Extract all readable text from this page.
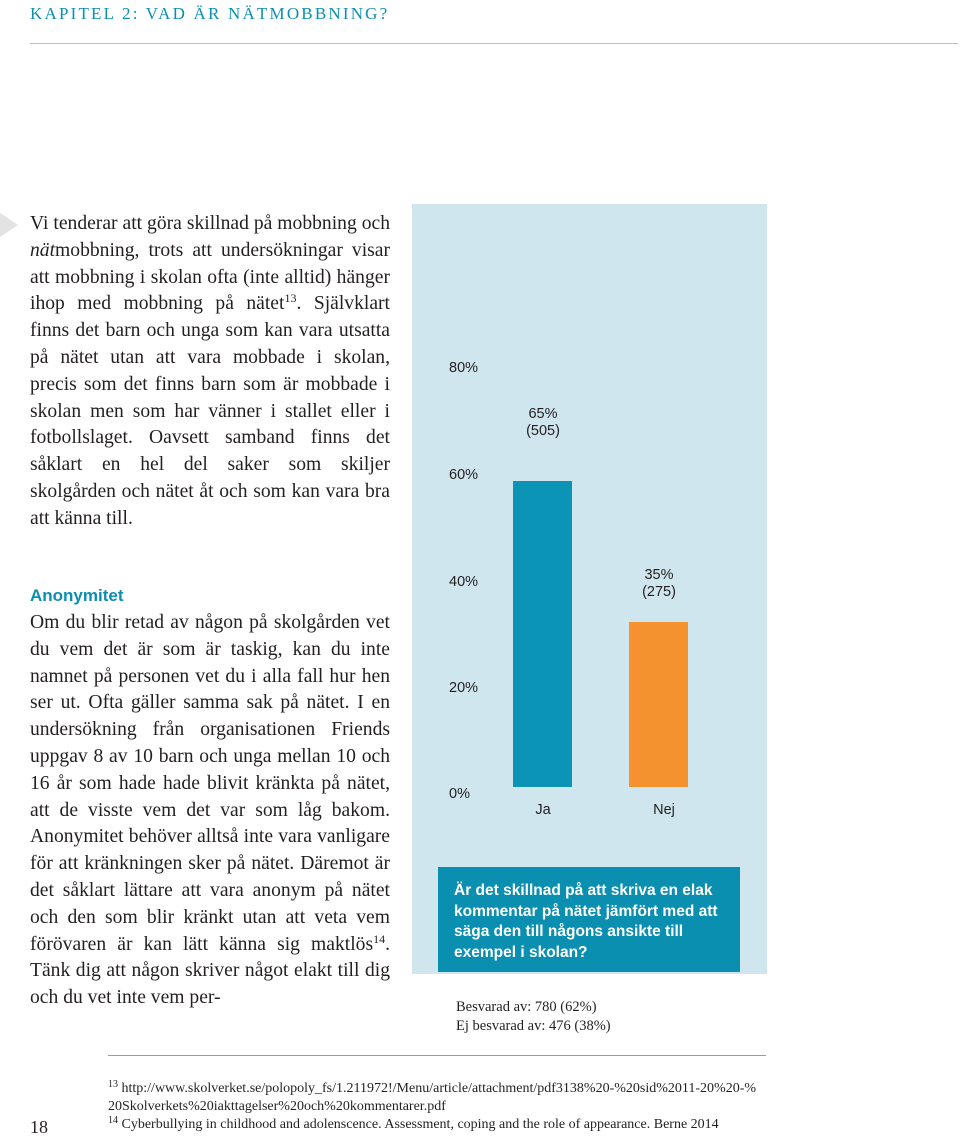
KAPITEL 2: VAD ÄR NÄTMOBBNING?

Vi tenderar att göra skillnad på mobbning och nätmobbning, trots att undersökningar visar att mobbning i skolan ofta (inte alltid) hänger ihop med mobbning på nätet$^{13}$. Självklart finns det barn och unga som kan vara utsatta på nätet utan att vara mobbade i skolan, precis som det finns barn som är mobbade i skolan men som har vänner i stallet eller i fotbollslaget. Oavsett samband finns det såklart en hel del saker som skiljer skolgården och nätet åt och som kan vara bra att känna till.

Anonymitet

Om du blir retad av någon på skolgården vet du vem det är som är taskig, kan du inte namnet på personen vet du i alla fall hur hen ser ut. Ofta gäller samma sak på nätet. I en undersökning från organisationen Friends uppgav 8 av 10 barn och unga mellan 10 och 16 år som hade hade blivit kränkta på nätet, att de visste vem det var som låg bakom. Anonymitet behöver alltså inte vara vanligare för att kränkningen sker på nätet. Däremot är det såklart lättare att vara anonym på nätet och den som blir kränkt utan att veta vem förövaren är kan lätt känna sig maktlös$^{14}$. Tänk dig att någon skriver något elakt till dig och du vet inte vem per-

80%
60%
40%
20%
0%
65%
(505)
35%
(275)
Ja	Nej
Är det skillnad på att skriva en elak kommentar på nätet jämfört med att säga den till någons ansikte till exempel i skolan?
Besvarad av: 780 (62%)
Ej besvarad av: 476 (38%)
$^{13}$ http://www.skolverket.se/polopoly_fs/1.211972!/Menu/article/attachment/pdf3138%20-%20sid%2011-20%20-%20Skolverkets%20iakttagelser%20och%20kommentarer.pdf
$^{14}$ Cyberbullying in childhood and adolenscence. Assessment, coping and the role of appearance. Berne 2014
18
